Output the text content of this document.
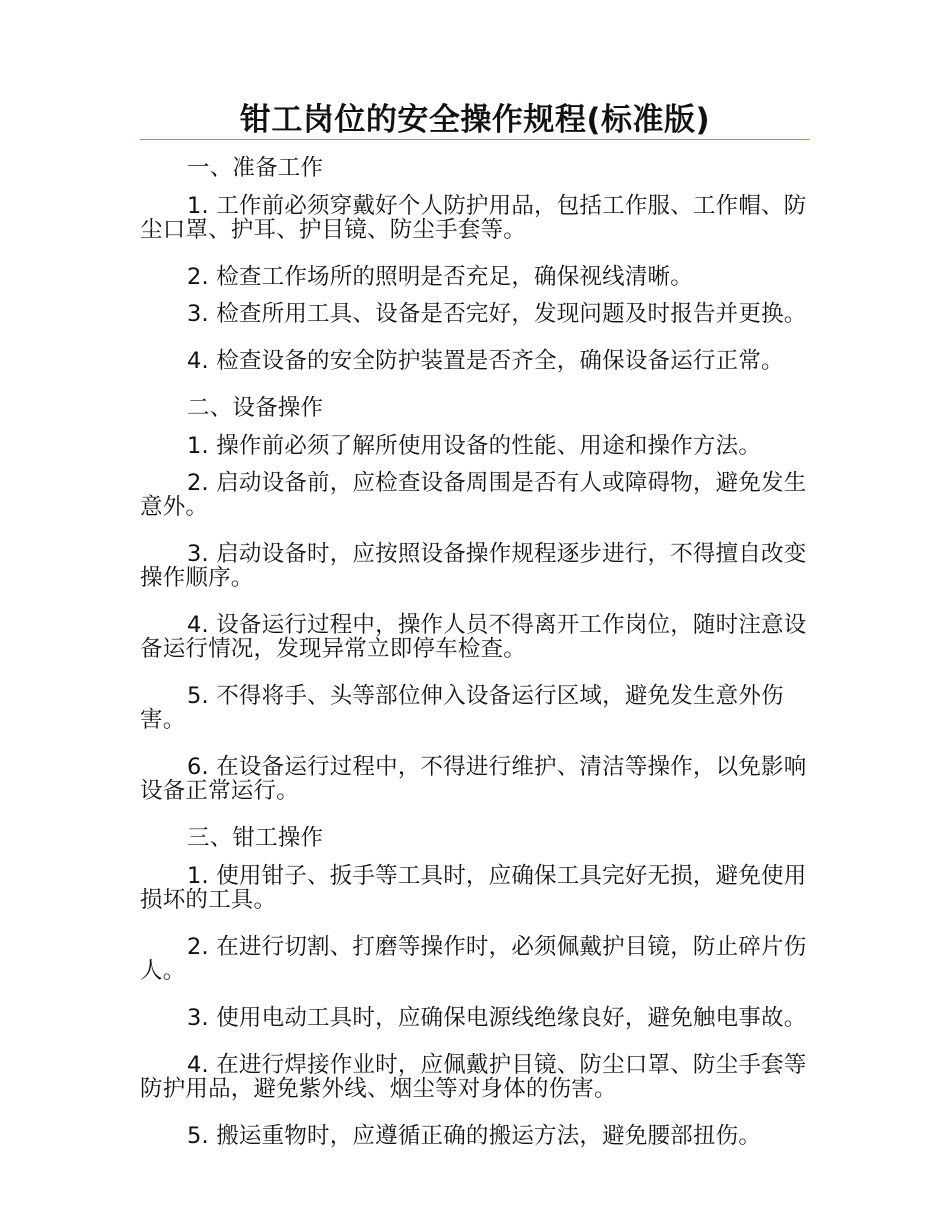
钳工岗位的安全操作规程(标准版)

一、准备工作

1. 工作前必须穿戴好个人防护用品，包括工作服、工作帽、防尘口罩、护耳、护目镜、防尘手套等。

2. 检查工作场所的照明是否充足，确保视线清晰。

3. 检查所用工具、设备是否完好，发现问题及时报告并更换。

4. 检查设备的安全防护装置是否齐全，确保设备运行正常。

二、设备操作

1. 操作前必须了解所使用设备的性能、用途和操作方法。

2. 启动设备前，应检查设备周围是否有人或障碍物，避免发生意外。

3. 启动设备时，应按照设备操作规程逐步进行，不得擅自改变操作顺序。

4. 设备运行过程中，操作人员不得离开工作岗位，随时注意设备运行情况，发现异常立即停车检查。

5. 不得将手、头等部位伸入设备运行区域，避免发生意外伤害。

6. 在设备运行过程中，不得进行维护、清洁等操作，以免影响设备正常运行。

三、钳工操作

1. 使用钳子、扳手等工具时，应确保工具完好无损，避免使用损坏的工具。

2. 在进行切割、打磨等操作时，必须佩戴护目镜，防止碎片伤人。

3. 使用电动工具时，应确保电源线绝缘良好，避免触电事故。

4. 在进行焊接作业时，应佩戴护目镜、防尘口罩、防尘手套等防护用品，避免紫外线、烟尘等对身体的伤害。

5. 搬运重物时，应遵循正确的搬运方法，避免腰部扭伤。
